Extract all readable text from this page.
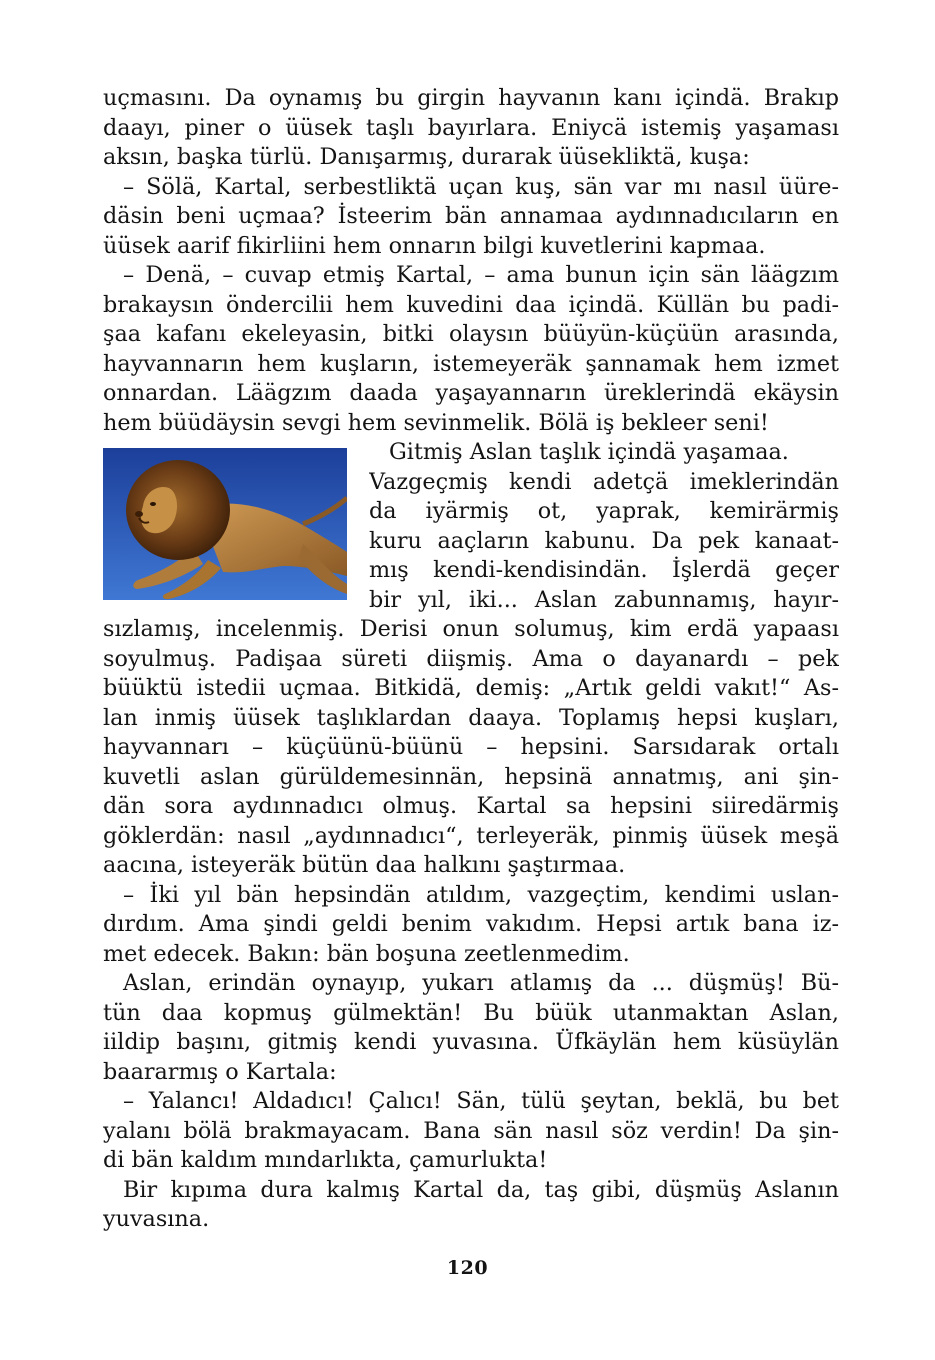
uçmasını. Da oynamış bu girgin hayvanın kanı içindä. Brakıp
daayı, piner o üüsek taşlı bayırlara. Eniycä istemiş yaşaması
aksın, başka türlü. Danışarmış, durarak üüsekliktä, kuşa:
– Sölä, Kartal, serbestliktä uçan kuş, sän var mı nasıl üüre-
däsin beni uçmaa? İsteerim bän annamaa aydınnadıcıların en
üüsek aarif fikirliini hem onnarın bilgi kuvetlerini kapmaa.
– Denä, – cuvap etmiş Kartal, – ama bunun için sän läägzım
brakaysın öndercilii hem kuvedini daa içindä. Küllän bu padi-
şaa kafanı ekeleyasin, bitki olaysın büüyün-küçüün arasında,
hayvannarın hem kuşların, istemeyeräk şannamak hem izmet
onnardan. Läägzım daada yaşayannarın üreklerindä ekäysin
hem büüdäysin sevgi hem sevinmelik. Bölä iş bekleer seni!
Gitmiş Aslan taşlık içindä yaşamaa.
Vazgeçmiş kendi adetçä imeklerindän
da iyärmiş ot, yaprak, kemirärmiş
kuru aaçların kabunu. Da pek kanaat-
mış kendi-kendisindän. İşlerdä geçer
bir yıl, iki... Aslan zabunnamış, hayır-
sızlamış, incelenmiş. Derisi onun solumuş, kim erdä yapaası
soyulmuş. Padişaa süreti diişmiş. Ama o dayanardı – pek
büüktü istedii uçmaa. Bitkidä, demiş: „Artık geldi vakıt!“ As-
lan inmiş üüsek taşlıklardan daaya. Toplamış hepsi kuşları,
hayvannarı – küçüünü-büünü – hepsini. Sarsıdarak ortalı
kuvetli aslan gürüldemesinnän, hepsinä annatmış, ani şin-
dän sora aydınnadıcı olmuş. Kartal sa hepsini siiredärmiş
göklerdän: nasıl „aydınnadıcı“, terleyeräk, pinmiş üüsek meşä
aacına, isteyeräk bütün daa halkını şaştırmaa.
– İki yıl bän hepsindän atıldım, vazgeçtim, kendimi uslan-
dırdım. Ama şindi geldi benim vakıdım. Hepsi artık bana iz-
met edecek. Bakın: bän boşuna zeetlenmedim.
Aslan, erindän oynayıp, yukarı atlamış da ... düşmüş! Bü-
tün daa kopmuş gülmektän! Bu büük utanmaktan Aslan,
iildip başını, gitmiş kendi yuvasına. Üfkäylän hem küsüylän
baararmış o Kartala:
– Yalancı! Aldadıcı! Çalıcı! Sän, tülü şeytan, beklä, bu bet
yalanı bölä brakmayacam. Bana sän nasıl söz verdin! Da şin-
di bän kaldım mındarlıkta, çamurlukta!
Bir kıpıma dura kalmış Kartal da, taş gibi, düşmüş Aslanın
yuvasına.
120
